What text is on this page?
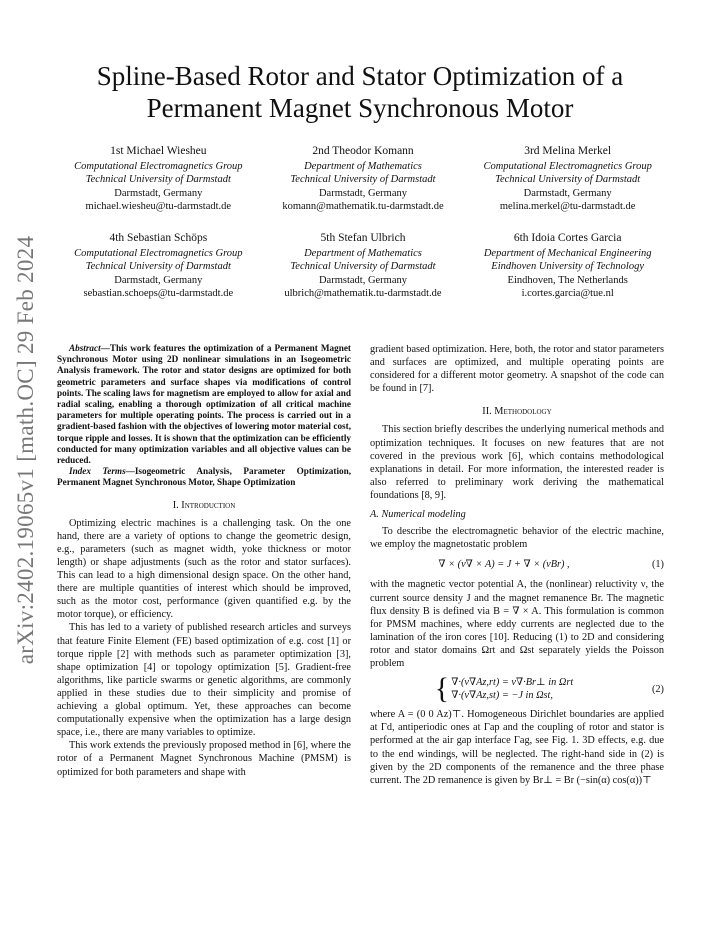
arXiv:2402.19065v1 [math.OC] 29 Feb 2024
Spline-Based Rotor and Stator Optimization of a
Permanent Magnet Synchronous Motor
1st Michael Wiesheu
Computational Electromagnetics Group
Technical University of Darmstadt
Darmstadt, Germany
michael.wiesheu@tu-darmstadt.de
2nd Theodor Komann
Department of Mathematics
Technical University of Darmstadt
Darmstadt, Germany
komann@mathematik.tu-darmstadt.de
3rd Melina Merkel
Computational Electromagnetics Group
Technical University of Darmstadt
Darmstadt, Germany
melina.merkel@tu-darmstadt.de
4th Sebastian Schöps
Computational Electromagnetics Group
Technical University of Darmstadt
Darmstadt, Germany
sebastian.schoeps@tu-darmstadt.de
5th Stefan Ulbrich
Department of Mathematics
Technical University of Darmstadt
Darmstadt, Germany
ulbrich@mathematik.tu-darmstadt.de
6th Idoia Cortes Garcia
Department of Mechanical Engineering
Eindhoven University of Technology
Eindhoven, The Netherlands
i.cortes.garcia@tue.nl

Abstract—This work features the optimization of a Permanent Magnet Synchronous Motor using 2D nonlinear simulations in an Isogeometric Analysis framework. The rotor and stator designs are optimized for both geometric parameters and surface shapes via modifications of control points. The scaling laws for magnetism are employed to allow for axial and radial scaling, enabling a thorough optimization of all critical machine parameters for multiple operating points. The process is carried out in a gradient-based fashion with the objectives of lowering motor material cost, torque ripple and losses. It is shown that the optimization can be efficiently conducted for many optimization variables and all objective values can be reduced.

Index Terms—Isogeometric Analysis, Parameter Optimization, Permanent Magnet Synchronous Motor, Shape Optimization

I. Introduction

Optimizing electric machines is a challenging task. On the one hand, there are a variety of options to change the geometric design, e.g., parameters (such as magnet width, yoke thickness or motor length) or shape adjustments (such as the rotor and stator surfaces). This can lead to a high dimensional design space. On the other hand, there are multiple quantities of interest which should be improved, such as the motor cost, performance (given quantified e.g. by the motor torque), or efficiency.

This has led to a variety of published research articles and surveys that feature Finite Element (FE) based optimization of e.g. cost [1] or torque ripple [2] with methods such as parameter optimization [3], shape optimization [4] or topology optimization [5]. Gradient-free algorithms, like particle swarms or genetic algorithms, are commonly applied in these studies due to their simplicity and promise of achieving a global optimum. Yet, these approaches can become computationally expensive when the optimization has a large design space, i.e., there are many variables to optimize.

This work extends the previously proposed method in [6], where the rotor of a Permanent Magnet Synchronous Machine (PMSM) is optimized for both parameters and shape with

gradient based optimization. Here, both, the rotor and stator parameters and surfaces are optimized, and multiple operating points are considered for a different motor geometry. A snapshot of the code can be found in [7].

II. Methodology

This section briefly describes the underlying numerical methods and optimization techniques. It focuses on new features that are not covered in the previous work [6], which contains methodological explanations in detail. For more information, the interested reader is also referred to preliminary work deriving the mathematical foundations [8, 9].

A. Numerical modeling

To describe the electromagnetic behavior of the electric machine, we employ the magnetostatic problem

∇ × (ν∇ × A) = J + ∇ × (νBr) ,	(1)

with the magnetic vector potential A, the (nonlinear) reluctivity ν, the current source density J and the magnet remanence Br. The magnetic flux density B is defined via B = ∇ × A. This formulation is common for PMSM machines, where eddy currents are neglected due to the lamination of the iron cores [10]. Reducing (1) to 2D and considering rotor and stator domains Ωrt and Ωst separately yields the Poisson problem

{ ∇·(ν∇Az,rt) = ν∇·Br⊥ in Ωrt
∇·(ν∇Az,st) = −J in Ωst,
(2)

where A = (0 0 Az)⊤. Homogeneous Dirichlet boundaries are applied at Γd, antiperiodic ones at Γap and the coupling of rotor and stator is performed at the air gap interface Γag, see Fig. 1. 3D effects, e.g. due to the end windings, will be neglected. The right-hand side in (2) is given by the 2D components of the remanence and the three phase current. The 2D remanence is given by Br⊥ = Br (−sin(α) cos(α))⊤
